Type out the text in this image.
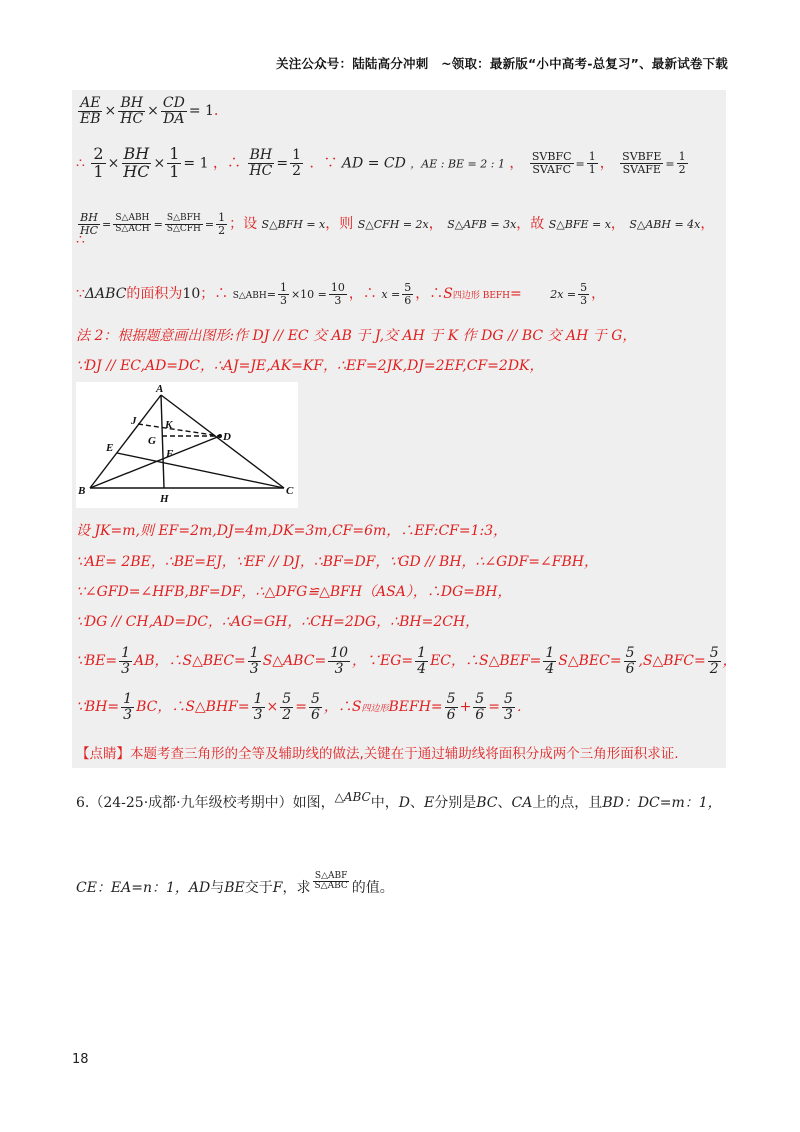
关注公众号：陆陆高分冲刺　~领取：最新版“小中高考-总复习”、最新试卷下载
$\frac{AE}{EB} \times \frac{BH}{HC} \times \frac{CD}{DA} = 1$．
∴ $\frac{2}{1} \times \frac{BH}{HC} \times \frac{1}{1} = 1$ ，∴ $\frac{BH}{HC} = \frac{1}{2}$ ．∵ AD = CD ，AE : BE = 2 : 1 ， $\frac{\text{SVBFC}}{\text{SVAFC}} = \frac{1}{1}$ ， $\frac{\text{SVBFE}}{\text{SVAFE}} = \frac{1}{2}$
$\frac{BH}{HC} = \frac{\text{S△ABH}}{\text{S△ACH}} = \frac{\text{S△BFH}}{\text{S△CFH}} = \frac{1}{2}$ ；设 S△BFH = x，则 S△CFH = 2x， S△AFB = 3x，故 S△BFE = x， S△ABH = 4x，
∴
∵ΔABC的面积为10；∴ S△ABH= $\frac{1}{3} \times 10 = \frac{10}{3}$ ，∴ $x = \frac{5}{6}$ ，∴S四边形 BEFH=	$2x = \frac{5}{3}$ ，
法 2：根据题意画出图形:作 DJ // EC 交 AB 于 J,交 AH 于 K 作 DG // BC 交 AH 于 G，
∵DJ // EC,AD=DC，∴AJ=JE,AK=KF，∴EF=2JK,DJ=2EF,CF=2DK，
A
J	K
E
G	D
F
B
H
C
设 JK=m,则 EF=2m,DJ=4m,DK=3m,CF=6m，∴EF:CF=1:3，
∵AE= 2BE，∴BE=EJ，∵EF // DJ，∴BF=DF，∵GD // BH，∴∠GDF=∠FBH，
∵∠GFD=∠HFB,BF=DF，∴△DFG≌△BFH（ASA），∴DG=BH，
∵DG // CH,AD=DC，∴AG=GH，∴CH=2DG，∴BH=2CH，
∵BE= $\frac{1}{3}$ AB，∴S△BEC= $\frac{1}{3}$ S△ABC= $\frac{10}{3}$ ，∵EG= $\frac{1}{4}$ EC，∴S△BEF= $\frac{1}{4}$ S△BEC= $\frac{5}{6}$ ,S△BFC= $\frac{5}{2}$ ，
∵BH= $\frac{1}{3}$ BC，∴S△BHF= $\frac{1}{3} \times \frac{5}{2} = \frac{5}{6}$ ，∴S四边形BEFH= $\frac{5}{6} + \frac{5}{6} = \frac{5}{3}$ ．
【点睛】本题考查三角形的全等及辅助线的做法,关键在于通过辅助线将面积分成两个三角形面积求证.
6.（24-25·成都·九年级校考期中）如图，△ABC中，D、E分别是BC、CA上的点，且BD：DC=m：1，
CE：EA=n：1，AD与BE交于F，求 $\frac{\text{S△ABF}}{\text{S△ABC}}$ 的值。
18
